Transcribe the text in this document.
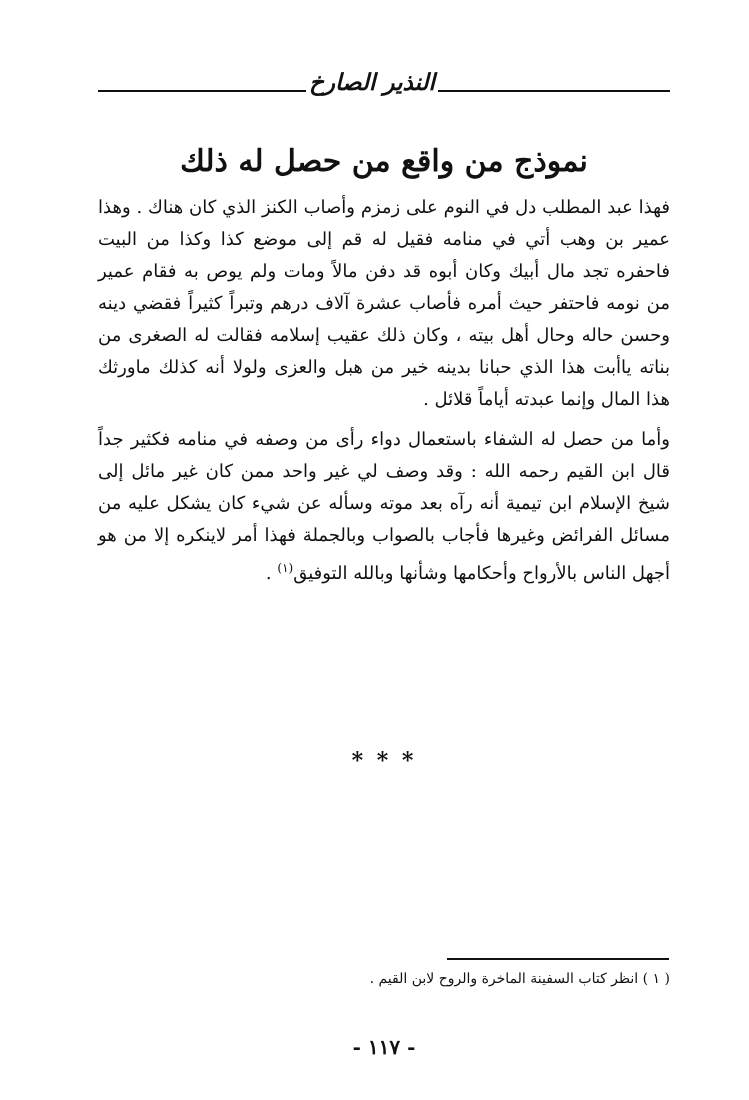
النذير الصارخ
نموذج من واقع من حصل له ذلك

فهذا عبد المطلب دل في النوم على زمزم وأصاب الكنز الذي كان هناك . وهذا عمير بن وهب أتي في منامه فقيل له قم إلى موضع كذا وكذا من البيت فاحفره تجد مال أبيك وكان أبوه قد دفن مالاً ومات ولم يوص به فقام عمير من نومه فاحتفر حيث أمره فأصاب عشرة آلاف درهم وتبراً كثيراً فقضي دينه وحسن حاله وحال أهل بيته ، وكان ذلك عقيب إسلامه فقالت له الصغرى من بناته ياأبت هذا الذي حبانا بدينه خير من هبل والعزى ولولا أنه كذلك ماورثك هذا المال وإنما عبدته أياماً قلائل .

وأما من حصل له الشفاء باستعمال دواء رأى من وصفه في منامه فكثير جداً قال ابن القيم رحمه الله : وقد وصف لي غير واحد ممن كان غير مائل إلى شيخ الإسلام ابن تيمية أنه رآه بعد موته وسأله عن شيء كان يشكل عليه من مسائل الفرائض وغيرها فأجاب بالصواب وبالجملة فهذا أمر لاينكره إلا من هو أجهل الناس بالأرواح وأحكامها وشأنها وبالله التوفيق$^{(١)}$ .

* * *
( ١ ) انظر كتاب السفينة الماخرة والروح لابن القيم .
- ١١٧ -
